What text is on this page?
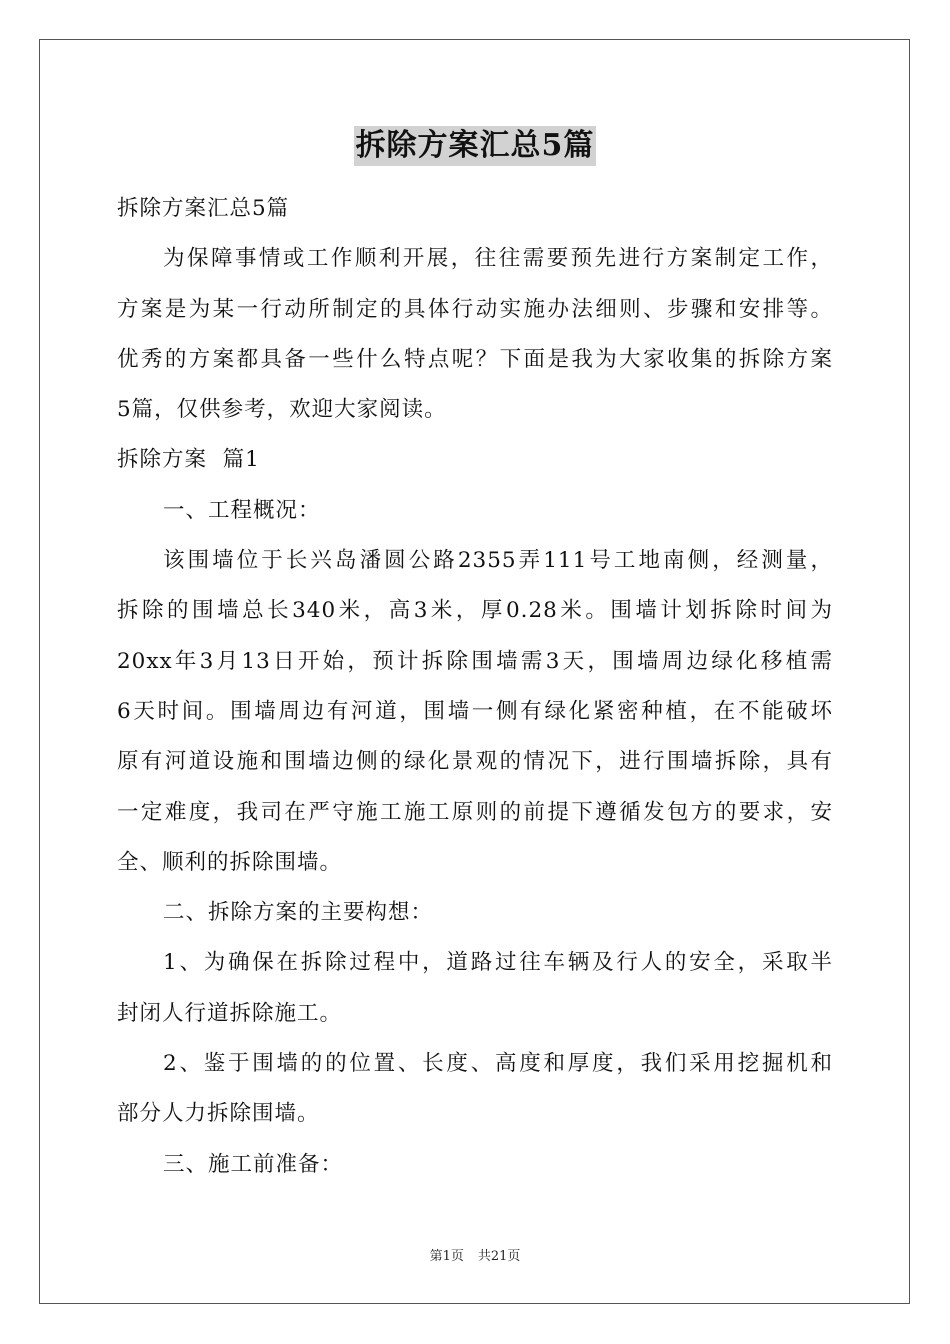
拆除方案汇总5篇
拆除方案汇总5篇
为保障事情或工作顺利开展，往往需要预先进行方案制定工作，
方案是为某一行动所制定的具体行动实施办法细则、步骤和安排等。
优秀的方案都具备一些什么特点呢？下面是我为大家收集的拆除方案
5篇，仅供参考，欢迎大家阅读。
拆除方案  篇1
一、工程概况：
该围墙位于长兴岛潘圆公路2355弄111号工地南侧，经测量，
拆除的围墙总长340米，高3米，厚0.28米。围墙计划拆除时间为
20xx年3月13日开始，预计拆除围墙需3天，围墙周边绿化移植需
6天时间。围墙周边有河道，围墙一侧有绿化紧密种植，在不能破坏
原有河道设施和围墙边侧的绿化景观的情况下，进行围墙拆除，具有
一定难度，我司在严守施工施工原则的前提下遵循发包方的要求，安
全、顺利的拆除围墙。
二、拆除方案的主要构想：
1、为确保在拆除过程中，道路过往车辆及行人的安全，采取半
封闭人行道拆除施工。
2、鉴于围墙的的位置、长度、高度和厚度，我们采用挖掘机和
部分人力拆除围墙。
三、施工前准备：
第1页 共21页
